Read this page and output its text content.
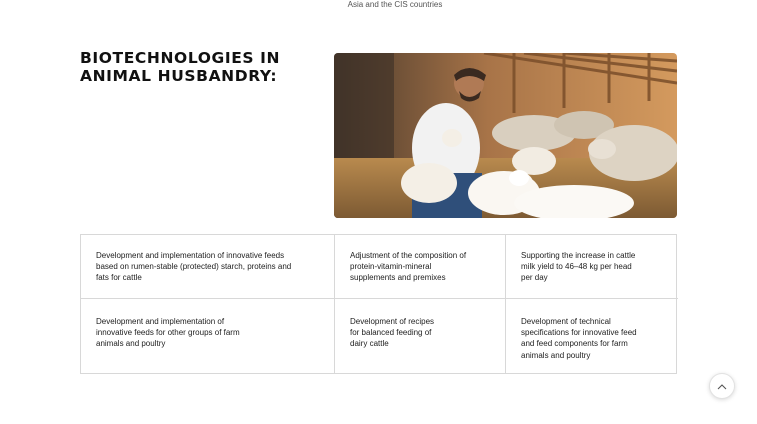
Asia and the CIS countries
BIOTECHNOLOGIES IN
ANIMAL HUSBANDRY:
Development and implementation of innovative feeds
based on rumen-stable (protected) starch, proteins and
fats for cattle
Adjustment of the composition of
protein-vitamin-mineral
supplements and premixes
Supporting the increase in cattle
milk yield to 46–48 kg per head
per day
Development and implementation of
innovative feeds for other groups of farm
animals and poultry
Development of recipes
for balanced feeding of
dairy cattle
Development of technical
specifications for innovative feed
and feed components for farm
animals and poultry
